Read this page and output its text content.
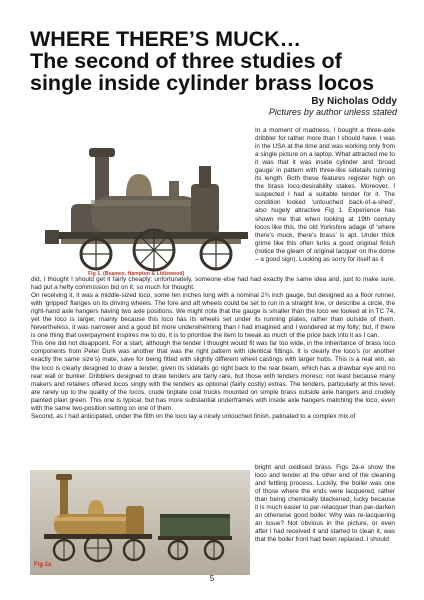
WHERE THERE’S MUCK…
The second of three studies of
single inside cylinder brass locos
By Nicholas Oddy
Pictures by author unless stated
Fig 1. (Beames, Hampton & Littlewood)

In a moment of madness, I bought a three-axle dribbler for rather more than I should have. I was in the USA at the time and was working only from a single picture on a laptop. What attracted me to it was that it was inside cylinder and ‘broad gauge’ in pattern with three-like sidetails running its length. Both these features register high on the brass loco-desirability stakes. Moreover, I suspected I had a suitable tender for it. The condition looked ‘untouched back-of-a-shed’, also hugely attractive Fig 1. Experience has shown me that when looking at 19th century locos like this, the old Yorkshire adage of ‘where there’s muck, there’s brass’ is apt. Under thick grime like this often lurks a good original finish (notice the gleam of original lacquer on the dome – a good sign). Looking as sorry for itself as it

did, I thought I should get it fairly cheaply; unfortunately, someone else had had exactly the same idea and, just to make sure, had put a hefty commission bid on it; so much for thought.

On receiving it, it was a middle-sized loco, some ten inches long with a nominal 2¾ inch gauge, but designed as a floor runner, with ‘gripped’ flanges on its driving wheels. The fore and aft wheels could be set to run in a straight line, or describe a circle, the right-hand axle hangers having two axle positions. We might note that the gauge is smaller than the loco we looked at in TC 74, yet the loco is larger, mainly because this loco has its wheels set under its running plates, rather than outside of them. Nevertheless, it was narrower and a good bit more underwhelming than I had imagined and I wondered at my folly; but, if there is one thing that overpayment inspires me to do, it is to prioritise the item to tweak as much of the price back into it as I can.

This one did not disappoint. For a start, although the tender I thought would fit was far too wide, in the inheritance of brass loco components from Peter Durk was another that was the right pattern with identical fittings. It is clearly the loco’s (or another exactly the same size’s) mate, save for being fitted with slightly different wheel castings with larger hubs. This is a real win, as the loco is clearly designed to draw a tender, given its sidetails go right back to the rear beam, which has a drawbar eye and no rear wall or bunker. Dribblers designed to draw tenders are fairly rare, but those with tenders moreso, not least because many makers and retailers offered locos singly with the tenders as optional (fairly costly) extras. The tenders, particularly at this level, are rarely up to the quality of the locos, crude tinplate coal trucks mounted on simple brass outside axle hangers and crudely painted plain green. This one is typical, but has more substantial underframes with inside axle hangers matching the loco, even with the same two-position setting on one of them.

Second, as I had anticipated, under the filth on the loco lay a nicely untouched finish, patinated to a complex mix of

Fig 2a

bright and oxidised brass. Figs 2a-e show the loco and tender at the other end of the cleaning and fettling process. Luckily, the boiler was one of those where the ends were lacquered, rather than being chemically blackened, lucky because it is much easier to par-relacquer than par-darken an otherwise good boiler. Why was re-lacquering an issue? Not obvious in the picture, or even after I had received it and started to clean it, was that the boiler front had been replaced. I should

5
